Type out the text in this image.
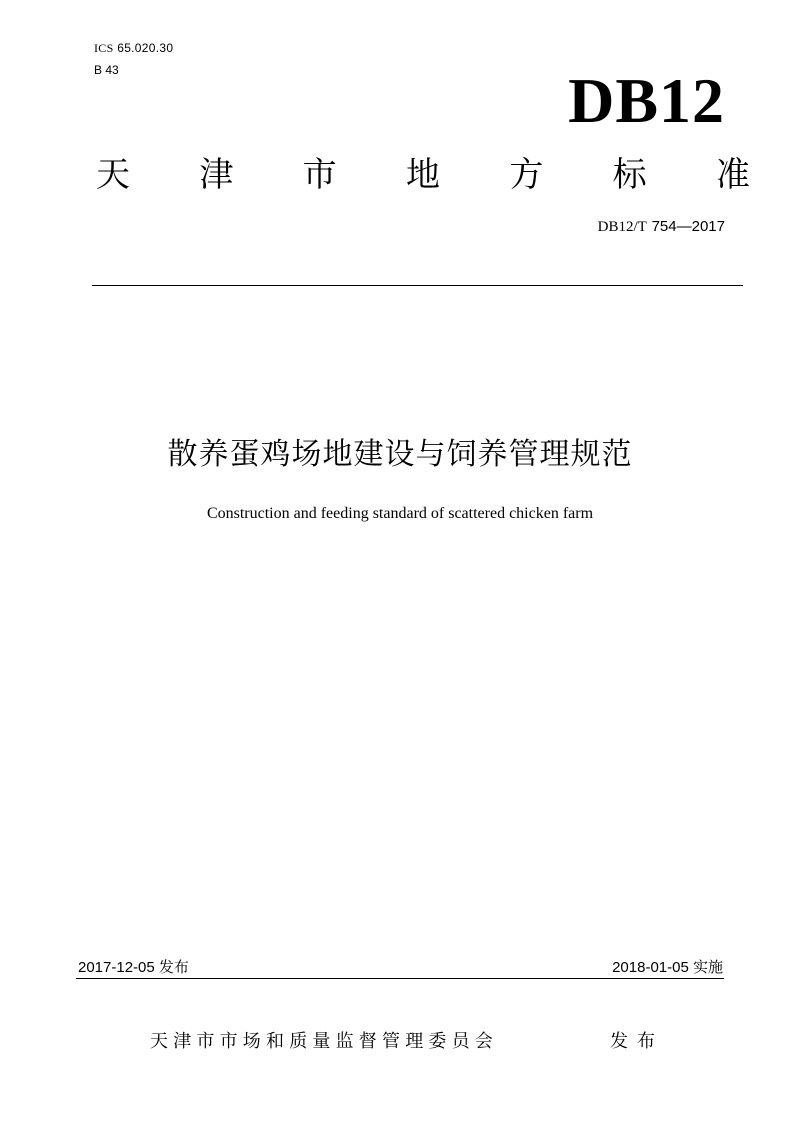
ICS 65.020.30
B 43	DB12
天 津 市 地 方 标 准
DB12/T 754—2017
散养蛋鸡场地建设与饲养管理规范
Construction and feeding standard of scattered chicken farm
2017-12-05 发布	2018-01-05 实施
天津市市场和质量监督管理委员会	发布
